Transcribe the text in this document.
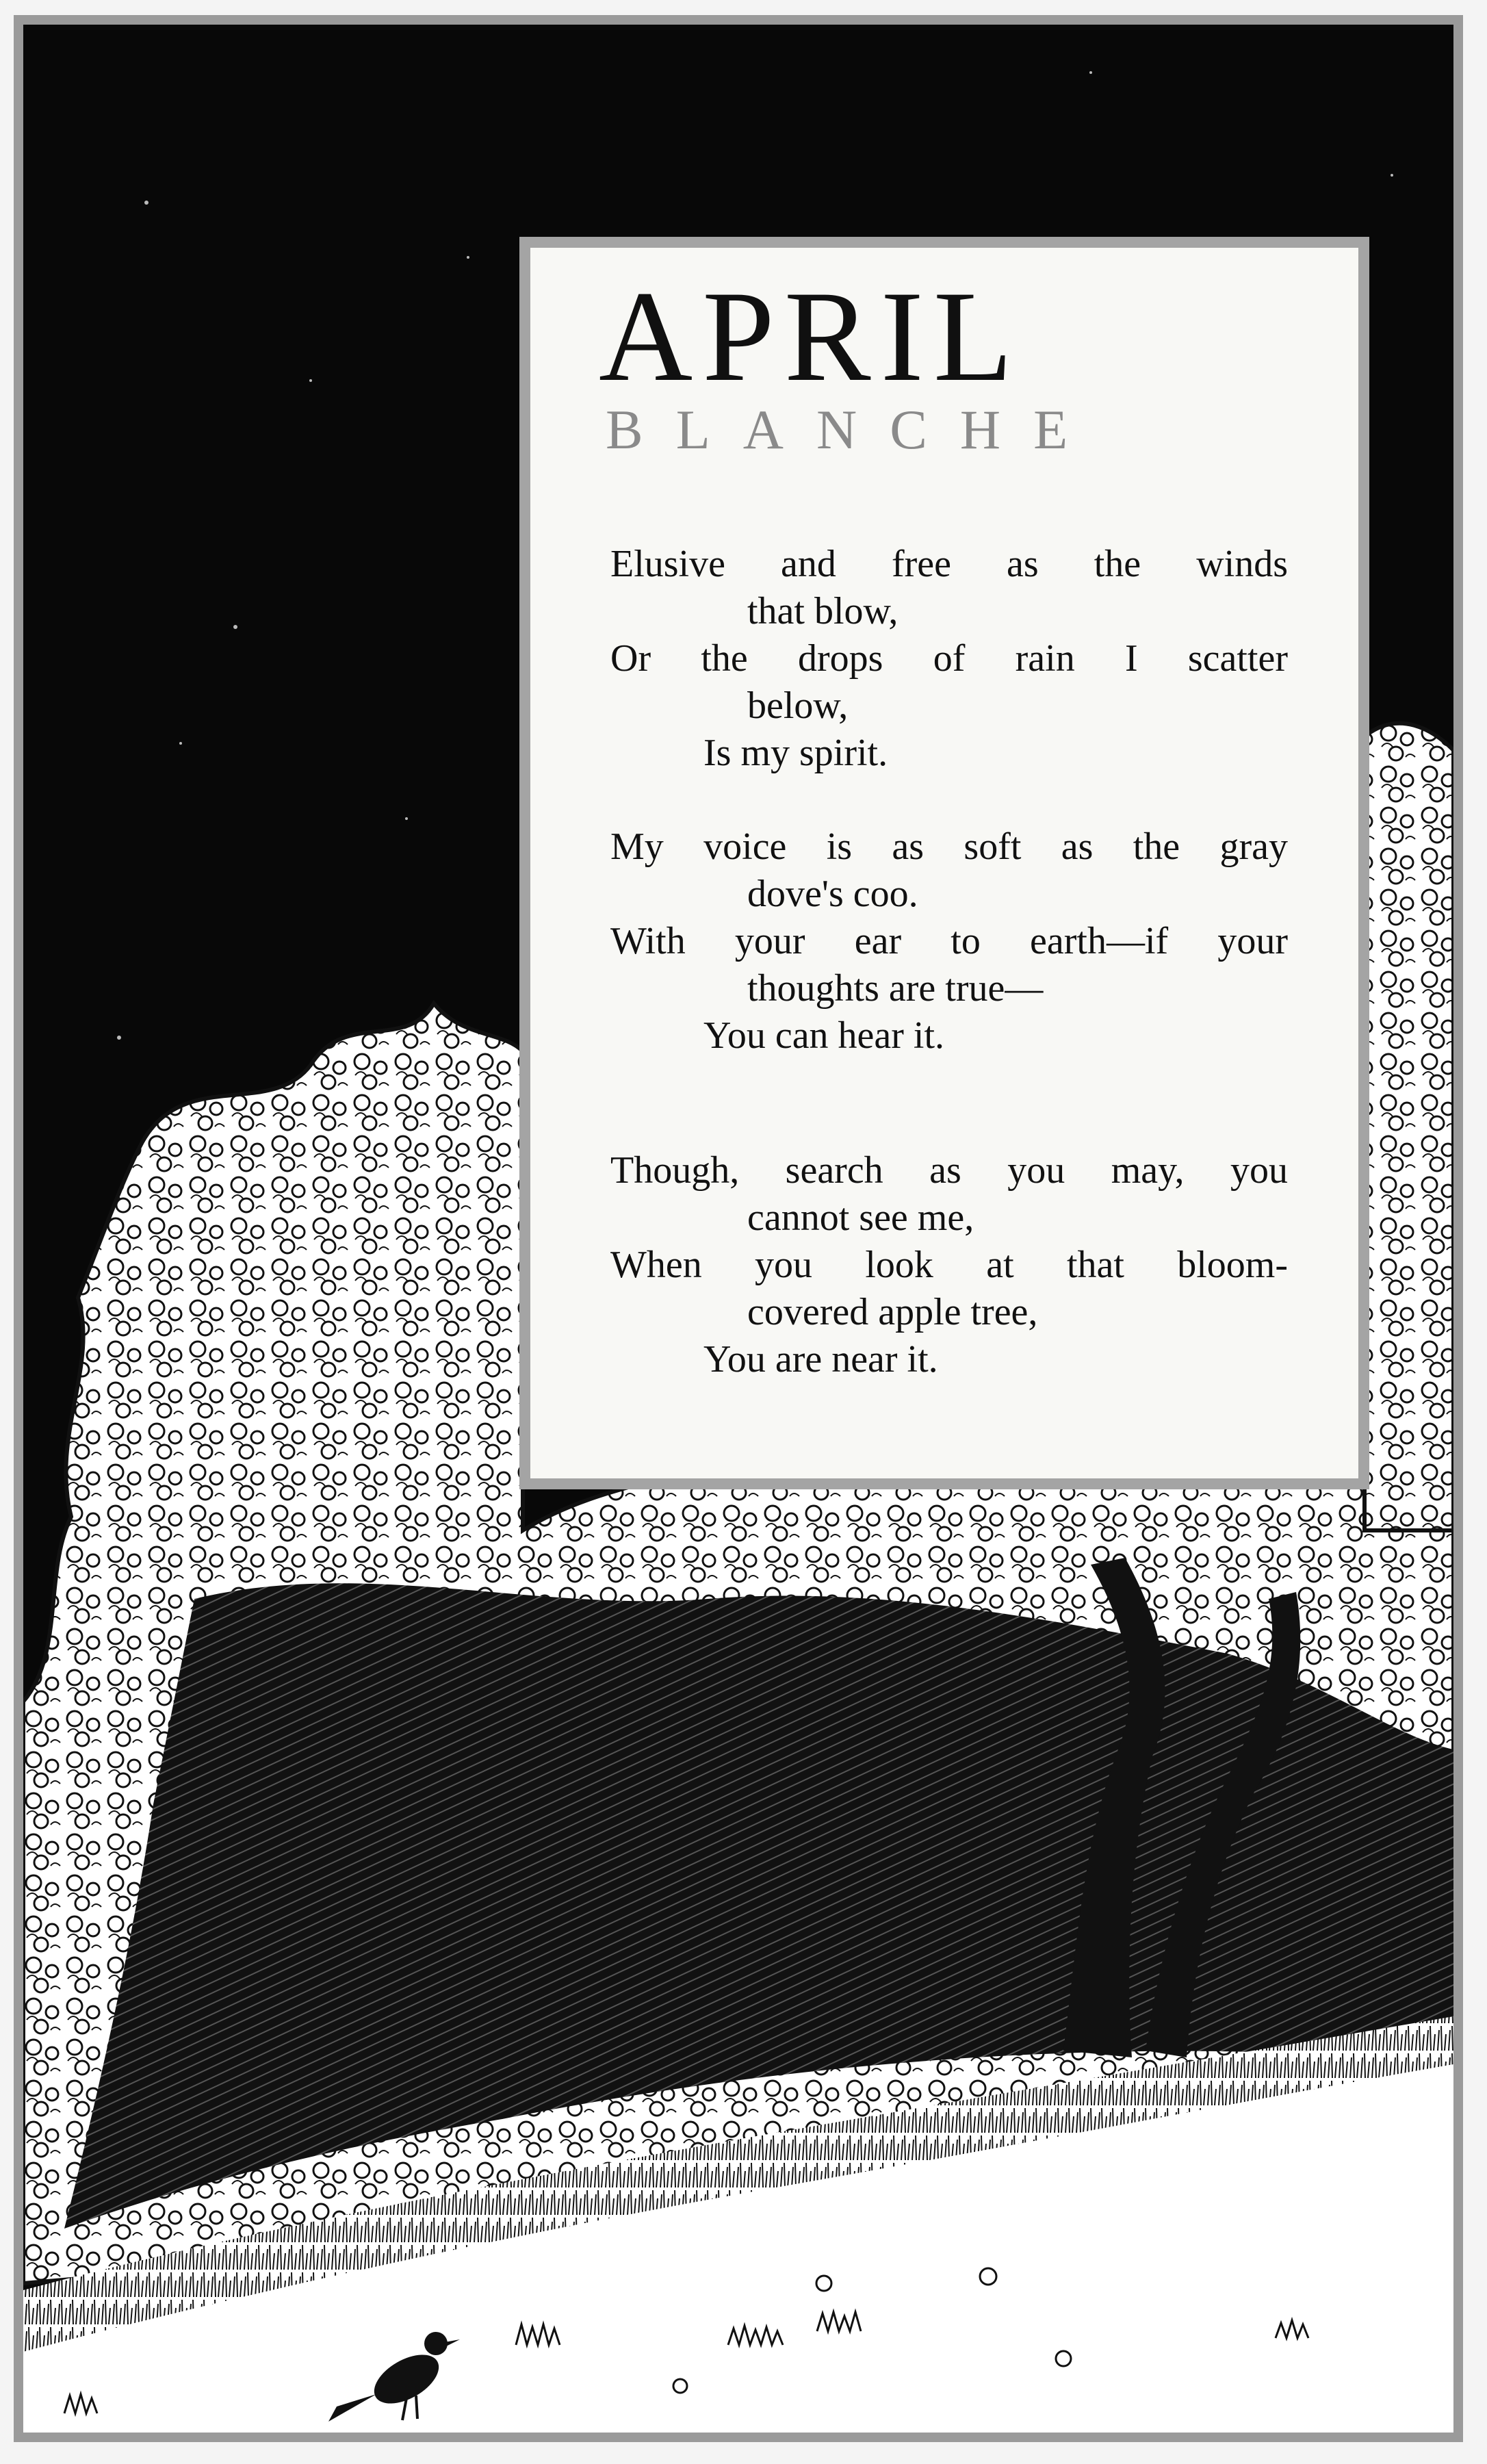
APRIL
BLANCHE
Elusive and free as the winds
that blow,
Or the drops of rain I scatter
below,
Is my spirit.
My voice is as soft as the gray
dove's coo.
With your ear to earth—if your
thoughts are true—
You can hear it.
Though, search as you may, you
cannot see me,
When you look at that bloom-
covered apple tree,
You are near it.
